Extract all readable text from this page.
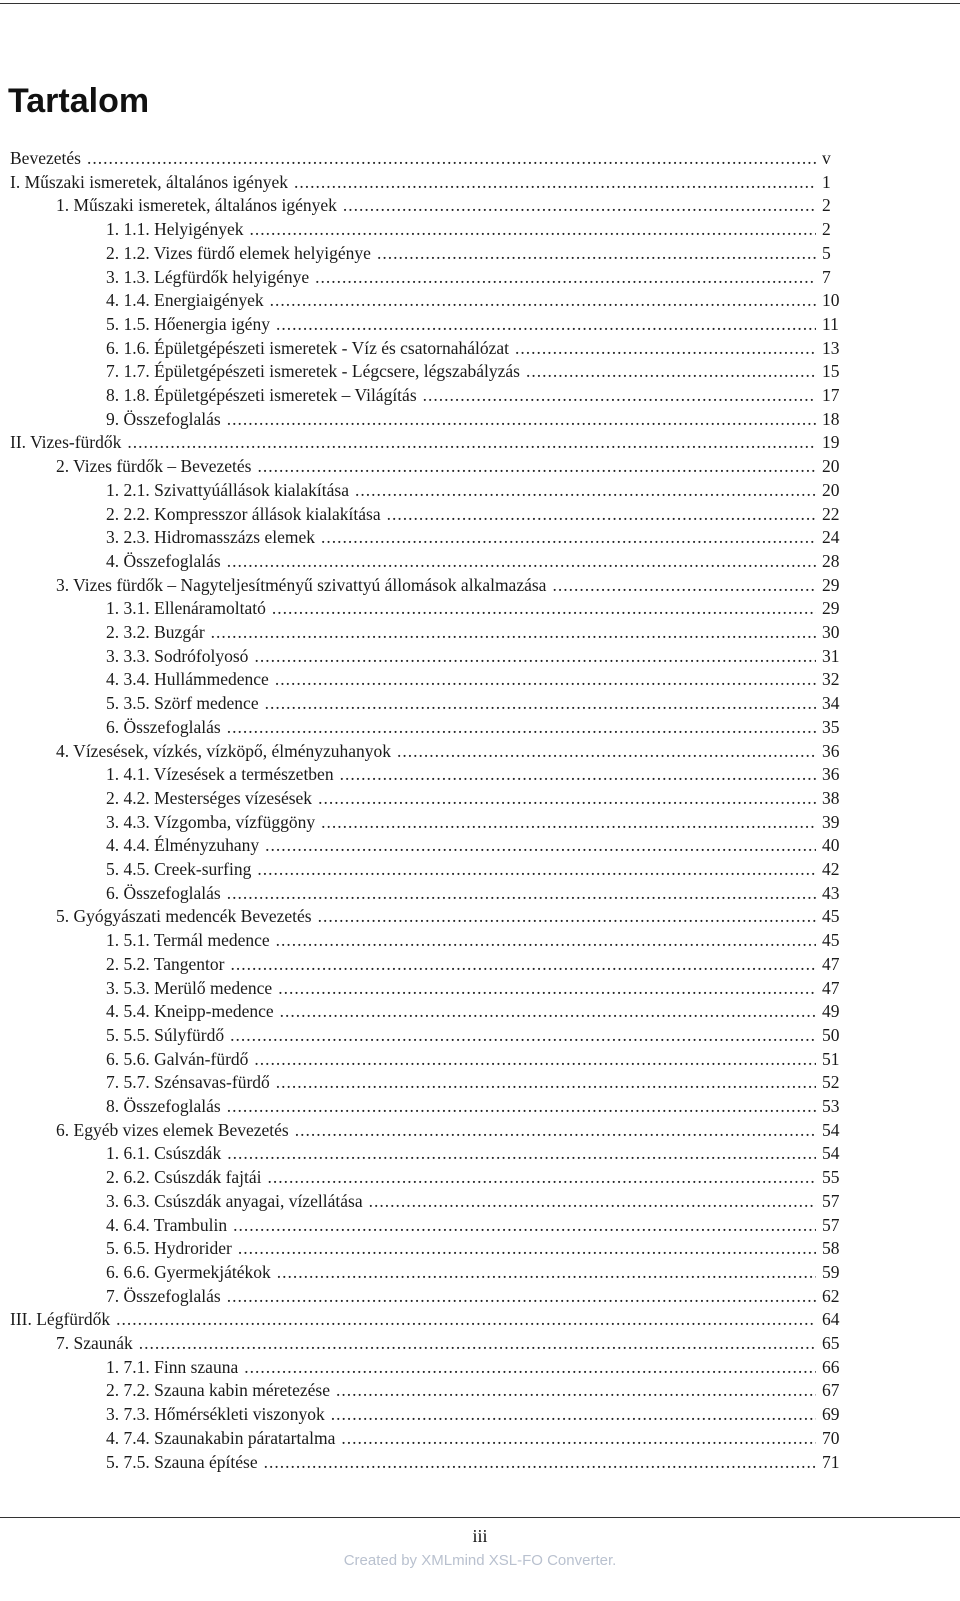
Tartalom
Bevezetés .....	v
I. Műszaki ismeretek, általános igények .....	1
1. Műszaki ismeretek, általános igények .....	2
1. 1.1. Helyigények .....	2
2. 1.2. Vizes fürdő elemek helyigénye .....	5
3. 1.3. Légfürdők helyigénye .....	7
4. 1.4. Energiaigények .....	10
5. 1.5. Hőenergia igény .....	11
6. 1.6. Épületgépészeti ismeretek - Víz és csatornahálózat .....	13
7. 1.7. Épületgépészeti ismeretek - Légcsere, légszabályzás .....	15
8. 1.8. Épületgépészeti ismeretek – Világítás .....	17
9. Összefoglalás .....	18
II. Vizes-fürdők .....	19
2. Vizes fürdők – Bevezetés .....	20
1. 2.1. Szivattyúállások kialakítása .....	20
2. 2.2. Kompresszor állások kialakítása .....	22
3. 2.3. Hidromasszázs elemek .....	24
4. Összefoglalás .....	28
3. Vizes fürdők – Nagyteljesítményű szivattyú állomások alkalmazása .....	29
1. 3.1. Ellenáramoltató .....	29
2. 3.2. Buzgár .....	30
3. 3.3. Sodrófolyosó .....	31
4. 3.4. Hullámmedence .....	32
5. 3.5. Szörf medence .....	34
6. Összefoglalás .....	35
4. Vízesések, vízkés, vízköpő, élményzuhanyok .....	36
1. 4.1. Vízesések a természetben .....	36
2. 4.2. Mesterséges vízesések .....	38
3. 4.3. Vízgomba, vízfüggöny .....	39
4. 4.4. Élményzuhany .....	40
5. 4.5. Creek-surfing .....	42
6. Összefoglalás .....	43
5. Gyógyászati medencék Bevezetés .....	45
1. 5.1. Termál medence .....	45
2. 5.2. Tangentor .....	47
3. 5.3. Merülő medence .....	47
4. 5.4. Kneipp-medence .....	49
5. 5.5. Súlyfürdő .....	50
6. 5.6. Galván-fürdő .....	51
7. 5.7. Szénsavas-fürdő .....	52
8. Összefoglalás .....	53
6. Egyéb vizes elemek Bevezetés .....	54
1. 6.1. Csúszdák .....	54
2. 6.2. Csúszdák fajtái .....	55
3. 6.3. Csúszdák anyagai, vízellátása .....	57
4. 6.4. Trambulin .....	57
5. 6.5. Hydrorider .....	58
6. 6.6. Gyermekjátékok .....	59
7. Összefoglalás .....	62
III. Légfürdők .....	64
7. Szaunák .....	65
1. 7.1. Finn szauna .....	66
2. 7.2. Szauna kabin méretezése .....	67
3. 7.3. Hőmérsékleti viszonyok .....	69
4. 7.4. Szaunakabin páratartalma .....	70
5. 7.5. Szauna építése .....	71
iii
Created by XMLmind XSL-FO Converter.
